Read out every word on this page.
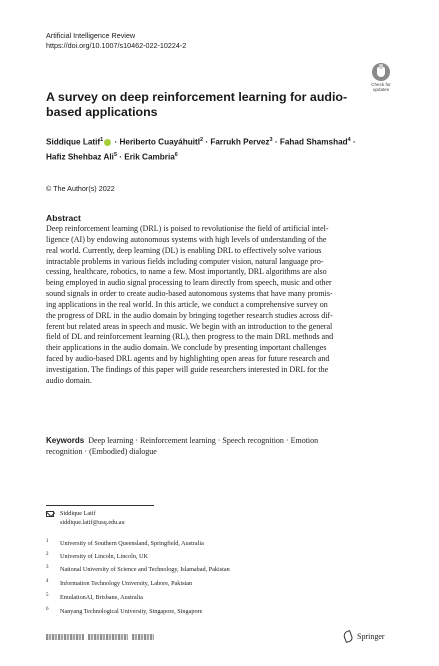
Artificial Intelligence Review
https://doi.org/10.1007/s10462-022-10224-2
Check for updates
A survey on deep reinforcement learning for audio-based applications
Siddique Latif$^1$ · Heriberto Cuayáhuitl$^2$ · Farrukh Pervez$^3$ · Fahad Shamshad$^4$ ·
Hafiz Shehbaz Ali$^5$ · Erik Cambria$^6$
© The Author(s) 2022
Abstract
Deep reinforcement learning (DRL) is poised to revolutionise the field of artificial intel-
ligence (AI) by endowing autonomous systems with high levels of understanding of the
real world. Currently, deep learning (DL) is enabling DRL to effectively solve various
intractable problems in various fields including computer vision, natural language pro-
cessing, healthcare, robotics, to name a few. Most importantly, DRL algorithms are also
being employed in audio signal processing to learn directly from speech, music and other
sound signals in order to create audio-based autonomous systems that have many promis-
ing applications in the real world. In this article, we conduct a comprehensive survey on
the progress of DRL in the audio domain by bringing together research studies across dif-
ferent but related areas in speech and music. We begin with an introduction to the general
field of DL and reinforcement learning (RL), then progress to the main DRL methods and
their applications in the audio domain. We conclude by presenting important challenges
faced by audio-based DRL agents and by highlighting open areas for future research and
investigation. The findings of this paper will guide researchers interested in DRL for the
audio domain.
Keywords Deep learning · Reinforcement learning · Speech recognition · Emotion
recognition · (Embodied) dialogue
Siddique Latif
siddique.latif@usq.edu.au
1 University of Southern Queensland, Springfield, Australia
2 University of Lincoln, Lincoln, UK
3 National University of Science and Technology, Islamabad, Pakistan
4 Information Technology University, Lahore, Pakistan
5 EmulationAI, Brisbane, Australia
6 Nanyang Technological University, Singapore, Singapore
Springer
